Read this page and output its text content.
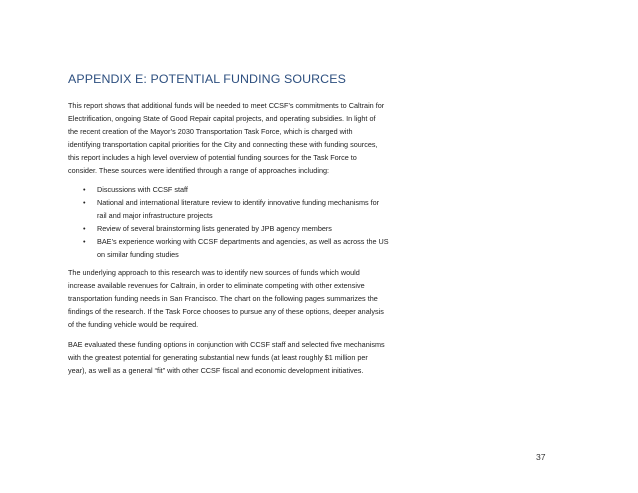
APPENDIX E: POTENTIAL FUNDING SOURCES

This report shows that additional funds will be needed to meet CCSF’s commitments to Caltrain for
Electrification, ongoing State of Good Repair capital projects, and operating subsidies. In light of
the recent creation of the Mayor’s 2030 Transportation Task Force, which is charged with
identifying transportation capital priorities for the City and connecting these with funding sources,
this report includes a high level overview of potential funding sources for the Task Force to
consider. These sources were identified through a range of approaches including:

• Discussions with CCSF staff
• National and international literature review to identify innovative funding mechanisms for
rail and major infrastructure projects
• Review of several brainstorming lists generated by JPB agency members
• BAE’s experience working with CCSF departments and agencies, as well as across the US
on similar funding studies

The underlying approach to this research was to identify new sources of funds which would
increase available revenues for Caltrain, in order to eliminate competing with other extensive
transportation funding needs in San Francisco. The chart on the following pages summarizes the
findings of the research. If the Task Force chooses to pursue any of these options, deeper analysis
of the funding vehicle would be required.

BAE evaluated these funding options in conjunction with CCSF staff and selected five mechanisms
with the greatest potential for generating substantial new funds (at least roughly $1 million per
year), as well as a general “fit” with other CCSF fiscal and economic development initiatives.

37
